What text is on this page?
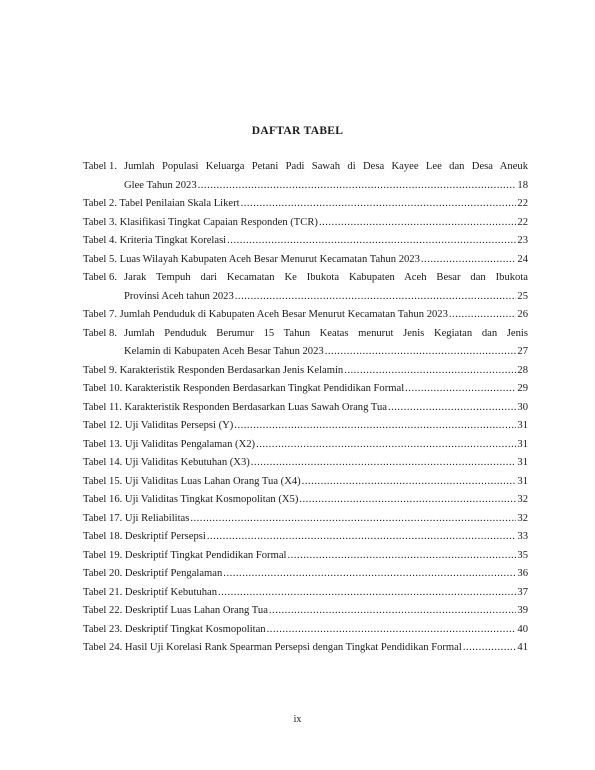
DAFTAR TABEL
Tabel 1. Jumlah Populasi Keluarga Petani Padi Sawah di Desa Kayee Lee dan Desa Aneuk
Glee Tahun 2023 .....	18
Tabel 2. Tabel Penilaian Skala Likert .....	22
Tabel 3. Klasifikasi Tingkat Capaian Responden (TCR) .....	22
Tabel 4. Kriteria Tingkat Korelasi .....	23
Tabel 5. Luas Wilayah Kabupaten Aceh Besar Menurut Kecamatan Tahun 2023 .....	24
Tabel 6. Jarak Tempuh dari Kecamatan Ke Ibukota Kabupaten Aceh Besar dan Ibukota
Provinsi Aceh tahun 2023 .....	25
Tabel 7. Jumlah Penduduk di Kabupaten Aceh Besar Menurut Kecamatan Tahun 2023 .....	26
Tabel 8. Jumlah Penduduk Berumur 15 Tahun Keatas menurut Jenis Kegiatan dan Jenis
Kelamin di Kabupaten Aceh Besar Tahun 2023 .....	27
Tabel 9. Karakteristik Responden Berdasarkan Jenis Kelamin .....	28
Tabel 10. Karakteristik Responden Berdasarkan Tingkat Pendidikan Formal .....	29
Tabel 11. Karakteristik Responden Berdasarkan Luas Sawah Orang Tua .....	30
Tabel 12. Uji Validitas Persepsi (Y) .....	31
Tabel 13. Uji Validitas Pengalaman (X2) .....	31
Tabel 14. Uji Validitas Kebutuhan (X3) .....	31
Tabel 15. Uji Validitas Luas Lahan Orang Tua (X4) .....	31
Tabel 16. Uji Validitas Tingkat Kosmopolitan (X5) .....	32
Tabel 17. Uji Reliabilitas .....	32
Tabel 18. Deskriptif Persepsi .....	33
Tabel 19. Deskriptif Tingkat Pendidikan Formal .....	35
Tabel 20. Deskriptif Pengalaman .....	36
Tabel 21. Deskriptif Kebutuhan .....	37
Tabel 22. Deskriptif Luas Lahan Orang Tua .....	39
Tabel 23. Deskriptif Tingkat Kosmopolitan .....	40
Tabel 24. Hasil Uji Korelasi Rank Spearman Persepsi dengan Tingkat Pendidikan Formal .....	41
ix
